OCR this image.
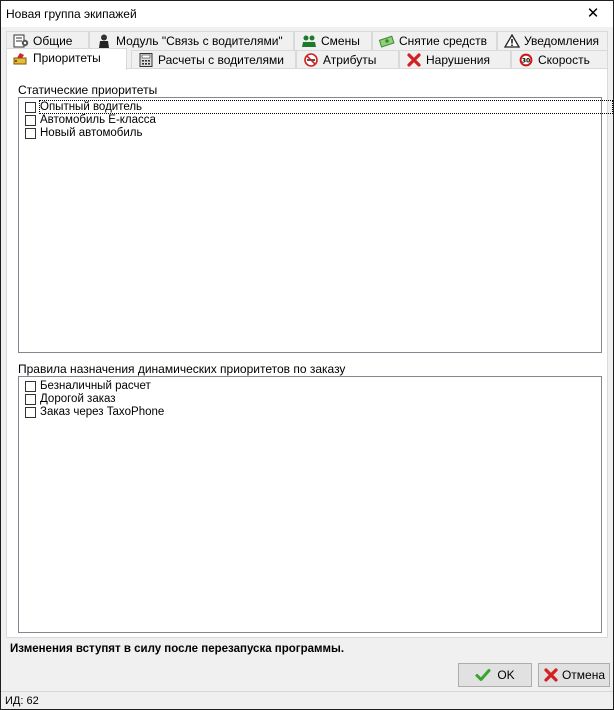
Новая группа экипажей	✕
Общие	Модуль "Связь с водителями"	Смены	Снятие средств	Уведомления
Приоритеты	Расчеты с водителями	Атрибуты	Нарушения	30 Скорость
Статические приоритеты
Опытный водитель
Автомобиль Е-класса
Новый автомобиль
Правила назначения динамических приоритетов по заказу
Безналичный расчет
Дорогой заказ
Заказ через TaxoPhone
Изменения вступят в силу после перезапуска программы.
OK	Отмена
ИД: 62
